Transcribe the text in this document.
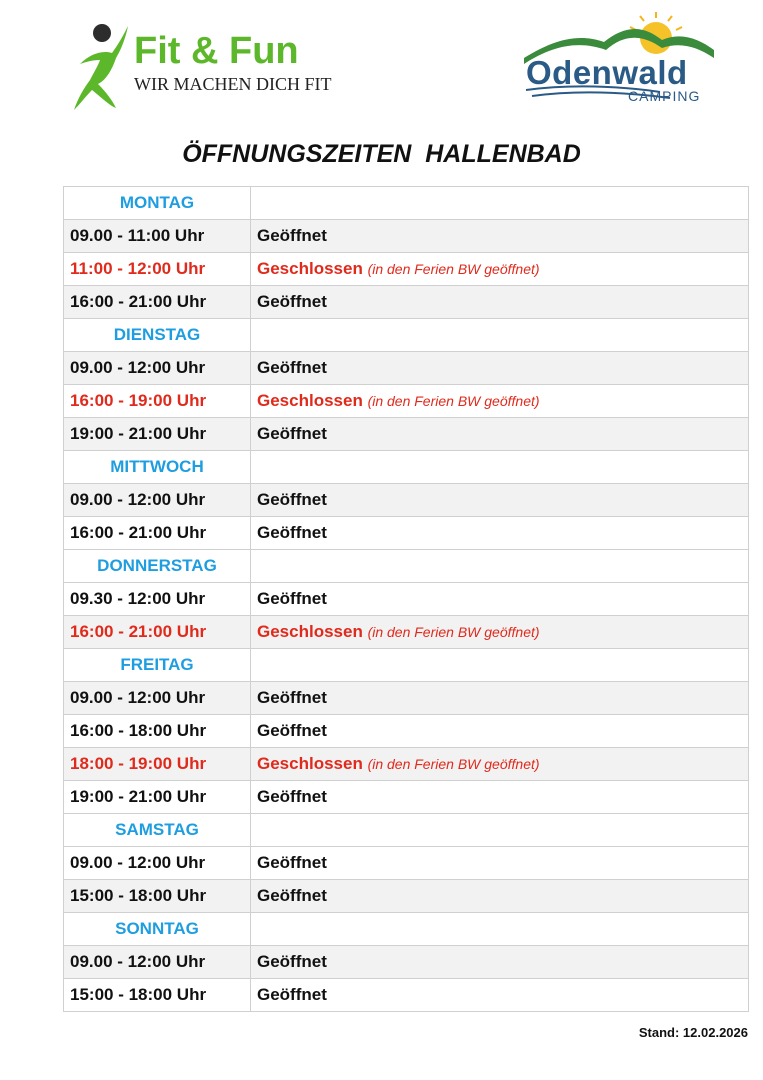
Fit & Fun
WIR MACHEN DICH FIT	Odenwald
CAMPING
ÖFFNUNGSZEITEN  HALLENBAD
MONTAG	
09.00 - 11:00 Uhr	Geöffnet
11:00 - 12:00 Uhr	Geschlossen (in den Ferien BW geöffnet)
16:00 - 21:00 Uhr	Geöffnet
DIENSTAG	
09.00 - 12:00 Uhr	Geöffnet
16:00 - 19:00 Uhr	Geschlossen (in den Ferien BW geöffnet)
19:00 - 21:00 Uhr	Geöffnet
MITTWOCH	
09.00 - 12:00 Uhr	Geöffnet
16:00 - 21:00 Uhr	Geöffnet
DONNERSTAG	
09.30 - 12:00 Uhr	Geöffnet
16:00 - 21:00 Uhr	Geschlossen (in den Ferien BW geöffnet)
FREITAG	
09.00 - 12:00 Uhr	Geöffnet
16:00 - 18:00 Uhr	Geöffnet
18:00 - 19:00 Uhr	Geschlossen (in den Ferien BW geöffnet)
19:00 - 21:00 Uhr	Geöffnet
SAMSTAG	
09.00 - 12:00 Uhr	Geöffnet
15:00 - 18:00 Uhr	Geöffnet
SONNTAG	
09.00 - 12:00 Uhr	Geöffnet
15:00 - 18:00 Uhr	Geöffnet
Stand: 12.02.2026
